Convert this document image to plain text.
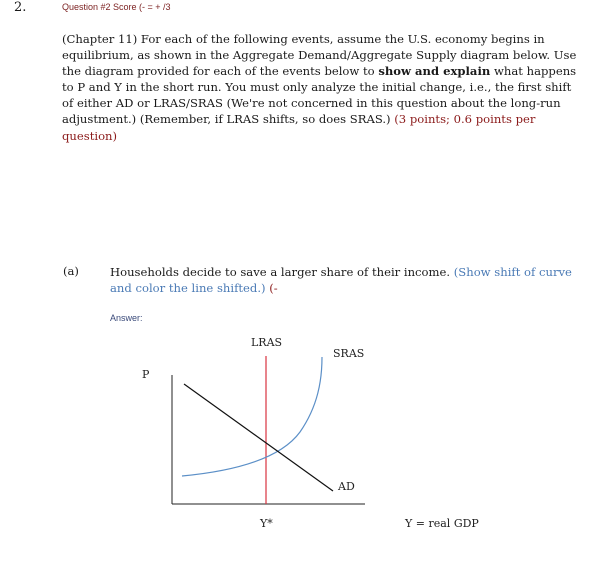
2.	Question #2 Score (- = + /3
(Chapter 11) For each of the following events, assume the U.S. economy begins in equilibrium, as shown in the Aggregate Demand/Aggregate Supply diagram below. Use the diagram provided for each of the events below to show and explain what happens to P and Y in the short run. You must only analyze the initial change, i.e., the first shift of either AD or LRAS/SRAS (We're not concerned in this question about the long-run adjustment.) (Remember, if LRAS shifts, so does SRAS.) (3 points; 0.6 points per question)
(a)	Households decide to save a larger share of their income. (Show shift of curve and color the line shifted.) (-
Answer:
P
LRAS
SRAS
AD
Y*	Y = real GDP
